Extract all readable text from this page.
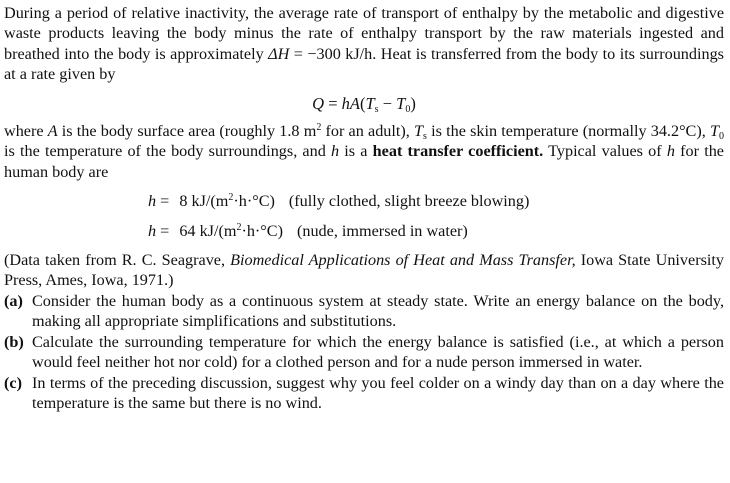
During a period of relative inactivity, the average rate of transport of enthalpy by the metabolic and digestive waste products leaving the body minus the rate of enthalpy transport by the raw materials ingested and breathed into the body is approximately ΔH = −300 kJ/h. Heat is transferred from the body to its surroundings at a rate given by

$Q = hA(T_s - T_0)$

where A is the body surface area (roughly 1.8 $m^2$ for an adult), $T_s$ is the skin temperature (normally 34.2°C), $T_0$ is the temperature of the body surroundings, and h is a heat transfer coefficient. Typical values of h for the human body are

h = 8 $kJ/(m^2\cdot h\cdot^\circ C)$ (fully clothed, slight breeze blowing)

h = 64 $kJ/(m^2\cdot h\cdot^\circ C)$ (nude, immersed in water)

(Data taken from R. C. Seagrave, Biomedical Applications of Heat and Mass Transfer, Iowa State University Press, Ames, Iowa, 1971.)

(a) Consider the human body as a continuous system at steady state. Write an energy balance on the body, making all appropriate simplifications and substitutions.
(b) Calculate the surrounding temperature for which the energy balance is satisfied (i.e., at which a person would feel neither hot nor cold) for a clothed person and for a nude person immersed in water.
(c) In terms of the preceding discussion, suggest why you feel colder on a windy day than on a day where the temperature is the same but there is no wind.
